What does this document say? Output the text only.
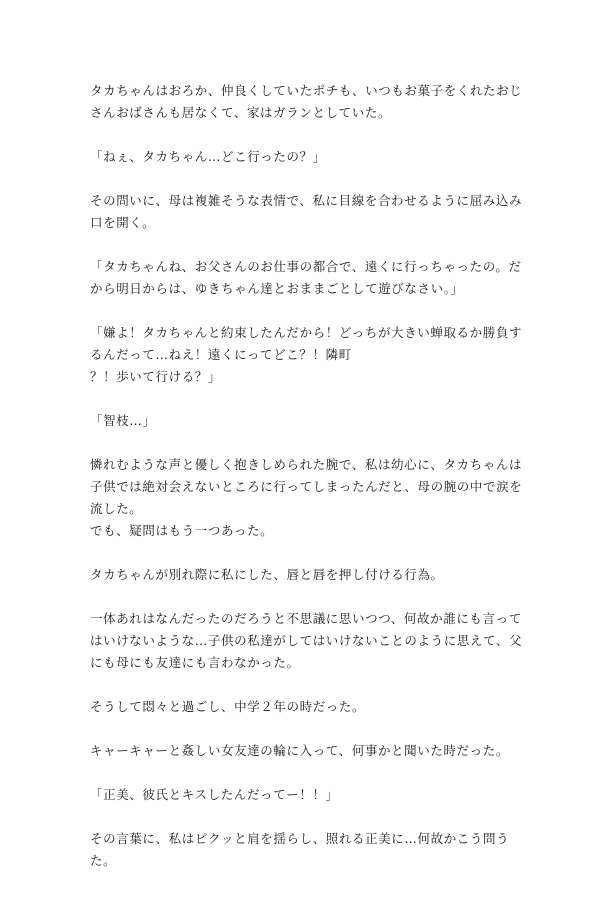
タカちゃんはおろか、仲良くしていたポチも、いつもお菓子をくれたおじさんおばさんも居なくて、家はガランとしていた。

「ねぇ、タカちゃん…どこ行ったの？」

その問いに、母は複雑そうな表情で、私に目線を合わせるように屈み込み口を開く。

「タカちゃんね、お父さんのお仕事の都合で、遠くに行っちゃったの。だから明日からは、ゆきちゃん達とおままごとして遊びなさい。」

「嫌よ！タカちゃんと約束したんだから！どっちが大きい蝉取るか勝負するんだって…ねえ！遠くにってどこ？！隣町
？！歩いて行ける？」

「智枝…」

憐れむような声と優しく抱きしめられた腕で、私は幼心に、タカちゃんは子供では絶対会えないところに行ってしまったんだと、母の腕の中で涙を流した。

でも、疑問はもう一つあった。

タカちゃんが別れ際に私にした、唇と唇を押し付ける行為。

一体あれはなんだったのだろうと不思議に思いつつ、何故か誰にも言ってはいけないような…子供の私達がしてはいけないことのように思えて、父にも母にも友達にも言わなかった。

そうして悶々と過ごし、中学２年の時だった。

キャーキャーと姦しい女友達の輪に入って、何事かと聞いた時だった。

「正美、彼氏とキスしたんだってー！！」

その言葉に、私はピクッと肩を揺らし、照れる正美に…何故かこう問うた。
